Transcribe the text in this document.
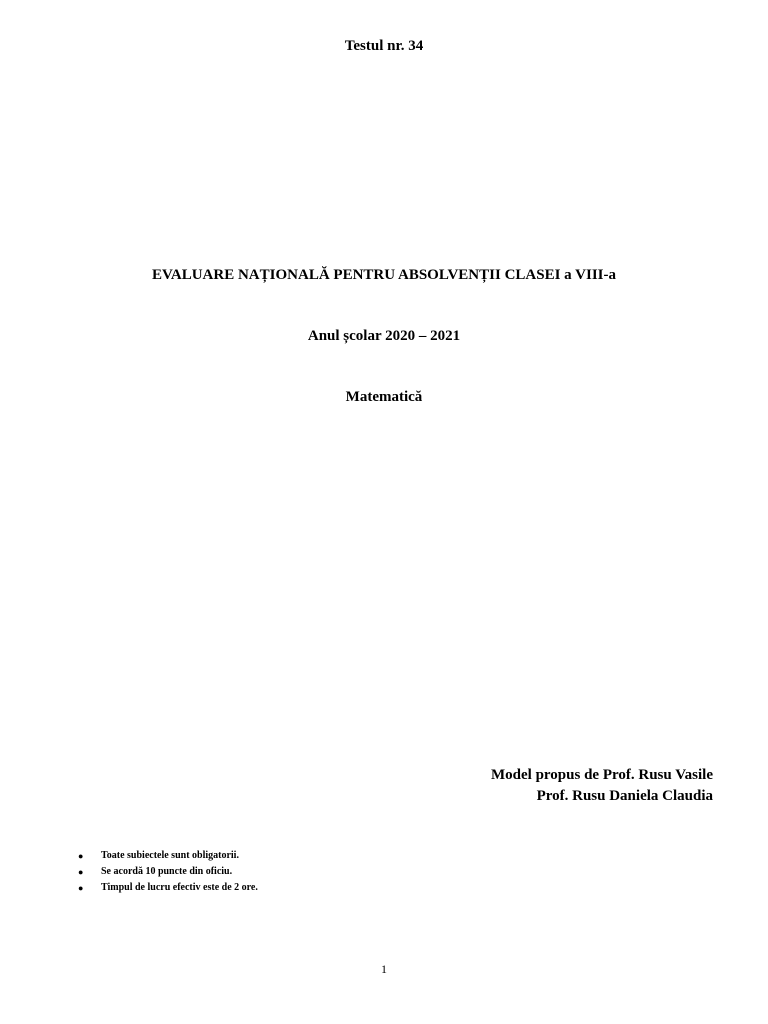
Testul nr. 34
EVALUARE NAȚIONALĂ PENTRU ABSOLVENȚII CLASEI a VIII-a
Anul școlar 2020 – 2021
Matematică
Model propus de Prof. Rusu Vasile
Prof. Rusu Daniela Claudia
● Toate subiectele sunt obligatorii.
● Se acordă 10 puncte din oficiu.
● Timpul de lucru efectiv este de 2 ore.
1
